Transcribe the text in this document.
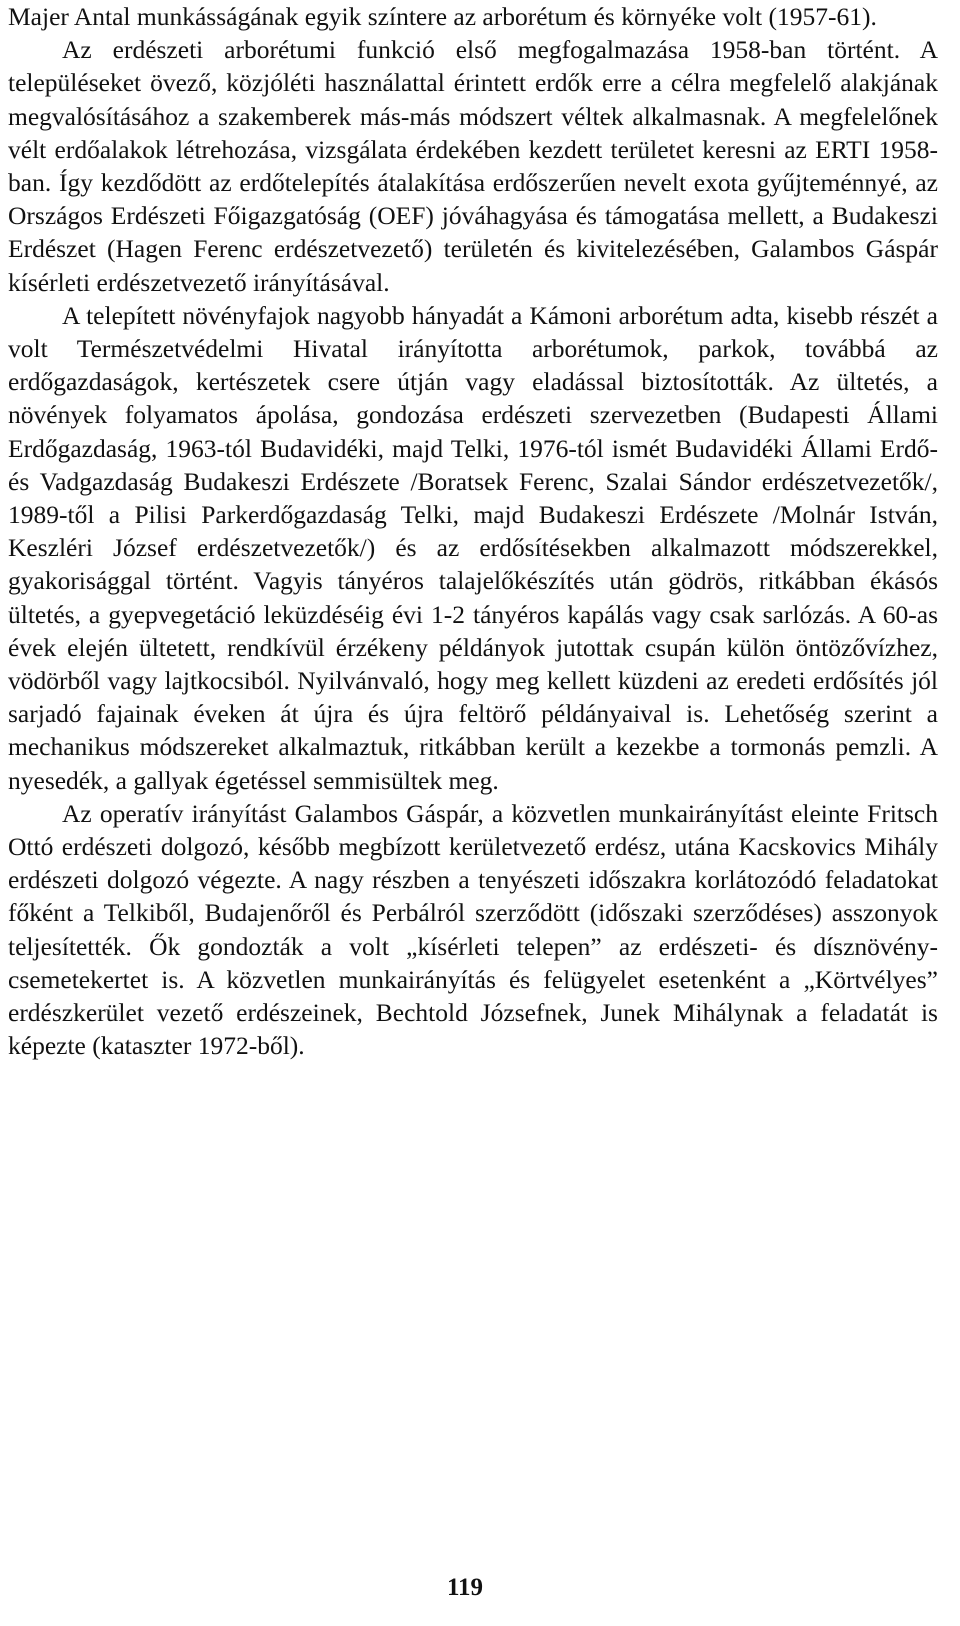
Majer Antal munkásságának egyik színtere az arborétum és környéke volt (1957-61).

Az erdészeti arborétumi funkció első megfogalmazása 1958-ban történt. A településeket övező, közjóléti használattal érintett erdők erre a célra megfelelő alakjának megvalósításához a szakemberek más-más módszert véltek alkalmasnak. A megfelelőnek vélt erdőalakok létrehozása, vizsgálata érdekében kezdett területet keresni az ERTI 1958-ban. Így kezdődött az erdőtelepítés átalakítása erdőszerűen nevelt exota gyűjteménnyé, az Országos Erdészeti Főigazgatóság (OEF) jóváhagyása és támogatása mellett, a Budakeszi Erdészet (Hagen Ferenc erdészetvezető) területén és kivitelezésében, Galambos Gáspár kísérleti erdészetvezető irányításával.

A telepített növényfajok nagyobb hányadát a Kámoni arborétum adta, kisebb részét a volt Természetvédelmi Hivatal irányította arborétumok, parkok, továbbá az erdőgazdaságok, kertészetek csere útján vagy eladással biztosították. Az ültetés, a növények folyamatos ápolása, gondozása erdészeti szervezetben (Budapesti Állami Erdőgazdaság, 1963-tól Budavidéki, majd Telki, 1976-tól ismét Budavidéki Állami Erdő- és Vadgazdaság Budakeszi Erdészete /Boratsek Ferenc, Szalai Sándor erdészetvezetők/, 1989-től a Pilisi Parkerdőgazdaság Telki, majd Budakeszi Erdészete /Molnár István, Keszléri József erdészetvezetők/) és az erdősítésekben alkalmazott módszerekkel, gyakorisággal történt. Vagyis tányéros talajelőkészítés után gödrös, ritkábban ékásós ültetés, a gyepvegetáció leküzdéséig évi 1-2 tányéros kapálás vagy csak sarlózás. A 60-as évek elején ültetett, rendkívül érzékeny példányok jutottak csupán külön öntözővízhez, vödörből vagy lajtkocsiból. Nyilvánvaló, hogy meg kellett küzdeni az eredeti erdősítés jól sarjadó fajainak éveken át újra és újra feltörő példányaival is. Lehetőség szerint a mechanikus módszereket alkalmaztuk, ritkábban került a kezekbe a tormonás pemzli. A nyesedék, a gallyak égetéssel semmisültek meg.

Az operatív irányítást Galambos Gáspár, a közvetlen munkairányítást eleinte Fritsch Ottó erdészeti dolgozó, később megbízott kerületvezető erdész, utána Kacskovics Mihály erdészeti dolgozó végezte. A nagy részben a tenyészeti időszakra korlátozódó feladatokat főként a Telkiből, Budajenőről és Perbálról szerződött (időszaki szerződéses) asszonyok teljesítették. Ők gondozták a volt „kísérleti telepen” az erdészeti- és dísznövény-csemetekertet is. A közvetlen munkairányítás és felügyelet esetenként a „Körtvélyes” erdészkerület vezető erdészeinek, Bechtold Józsefnek, Junek Mihálynak a feladatát is képezte (kataszter 1972-ből).

119
